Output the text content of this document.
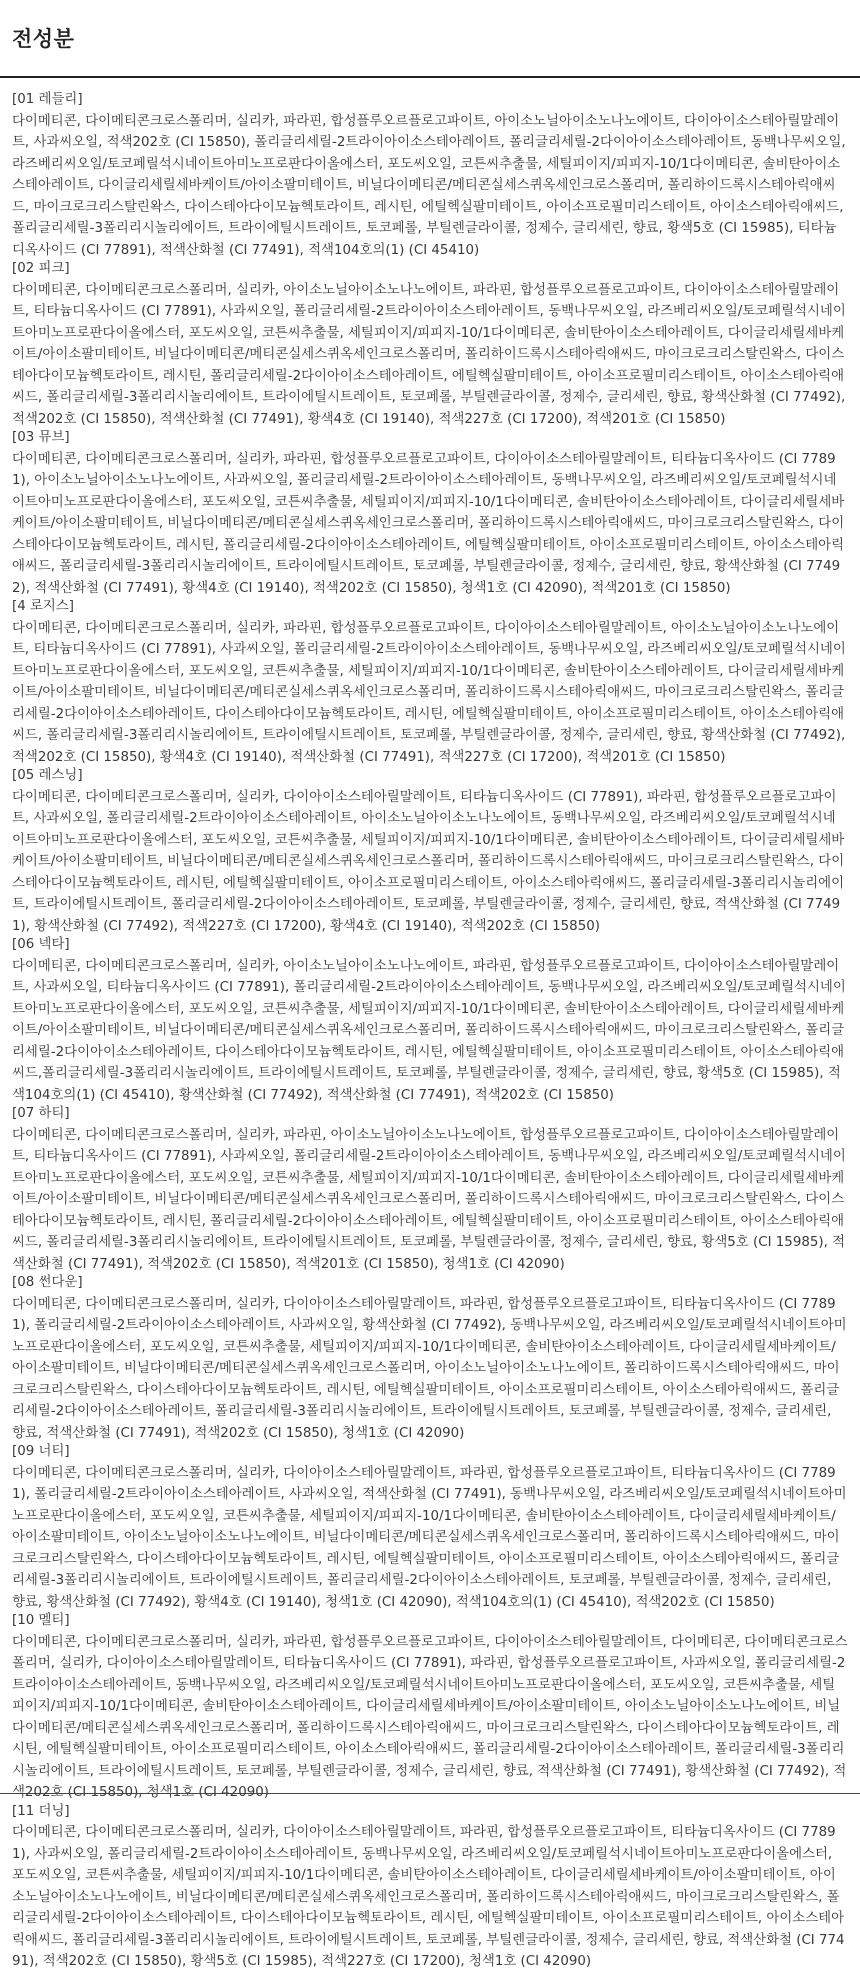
전성분
[01 레들리]
다이메티콘, 다이메티콘크로스폴리머, 실리카, 파라핀, 합성플루오르플로고파이트, 아이소노닐아이소노나노에이트, 다이아이소스테아릴말레이트, 사과씨오일, 적색202호 (CI 15850), 폴리글리세릴-2트라이아이소스테아레이트, 폴리글리세릴-2다이아이소스테아레이트, 동백나무씨오일, 라즈베리씨오일/토코페릴석시네이트아미노프로판다이올에스터, 포도씨오일, 코튼씨추출물, 세틸피이지/피피지-10/1다이메티콘, 솔비탄아이소스테아레이트, 다이글리세릴세바케이트/아이소팔미테이트, 비닐다이메티콘/메티콘실세스퀴옥세인크로스폴리머, 폴리하이드록시스테아릭애씨드, 마이크로크리스탈린왁스, 다이스테아다이모늄헥토라이트, 레시틴, 에틸헥실팔미테이트, 아이소프로필미리스테이트, 아이소스테아릭애씨드, 폴리글리세릴-3폴리리시놀리에이트, 트라이에틸시트레이트, 토코페롤, 부틸렌글라이콜, 정제수, 글리세린, 향료, 황색5호 (CI 15985), 티타늄디옥사이드 (CI 77891), 적색산화철 (CI 77491), 적색104호의(1) (CI 45410)
[02 피크]
다이메티콘, 다이메티콘크로스폴리머, 실리카, 아이소노닐아이소노나노에이트, 파라핀, 합성플루오르플로고파이트, 다이아이소스테아릴말레이트, 티타늄디옥사이드 (CI 77891), 사과씨오일, 폴리글리세릴-2트라이아이소스테아레이트, 동백나무씨오일, 라즈베리씨오일/토코페릴석시네이트아미노프로판다이올에스터, 포도씨오일, 코튼씨추출물, 세틸피이지/피피지-10/1다이메티콘, 솔비탄아이소스테아레이트, 다이글리세릴세바케이트/아이소팔미테이트, 비닐다이메티콘/메티콘실세스퀴옥세인크로스폴리머, 폴리하이드록시스테아릭애씨드, 마이크로크리스탈린왁스, 다이스테아다이모늄헥토라이트, 레시틴, 폴리글리세릴-2다이아이소스테아레이트, 에틸헥실팔미테이트, 아이소프로필미리스테이트, 아이소스테아릭애씨드, 폴리글리세릴-3폴리리시놀리에이트, 트라이에틸시트레이트, 토코페롤, 부틸렌글라이콜, 정제수, 글리세린, 향료, 황색산화철 (CI 77492), 적색202호 (CI 15850), 적색산화철 (CI 77491), 황색4호 (CI 19140), 적색227호 (CI 17200), 적색201호 (CI 15850)
[03 뮤브]
다이메티콘, 다이메티콘크로스폴리머, 실리카, 파라핀, 합성플루오르플로고파이트, 다이아이소스테아릴말레이트, 티타늄디옥사이드 (CI 77891), 아이소노닐아이소노나노에이트, 사과씨오일, 폴리글리세릴-2트라이아이소스테아레이트, 동백나무씨오일, 라즈베리씨오일/토코페릴석시네이트아미노프로판다이올에스터, 포도씨오일, 코튼씨추출물, 세틸피이지/피피지-10/1다이메티콘, 솔비탄아이소스테아레이트, 다이글리세릴세바케이트/아이소팔미테이트, 비닐다이메티콘/메티콘실세스퀴옥세인크로스폴리머, 폴리하이드록시스테아릭애씨드, 마이크로크리스탈린왁스, 다이스테아다이모늄헥토라이트, 레시틴, 폴리글리세릴-2다이아이소스테아레이트, 에틸헥실팔미테이트, 아이소프로필미리스테이트, 아이소스테아릭애씨드, 폴리글리세릴-3폴리리시놀리에이트, 트라이에틸시트레이트, 토코페롤, 부틸렌글라이콜, 정제수, 글리세린, 향료, 황색산화철 (CI 77492), 적색산화철 (CI 77491), 황색4호 (CI 19140), 적색202호 (CI 15850), 청색1호 (CI 42090), 적색201호 (CI 15850)
[4 로지스]
다이메티콘, 다이메티콘크로스폴리머, 실리카, 파라핀, 합성플루오르플로고파이트, 다이아이소스테아릴말레이트, 아이소노닐아이소노나노에이트, 티타늄디옥사이드 (CI 77891), 사과씨오일, 폴리글리세릴-2트라이아이소스테아레이트, 동백나무씨오일, 라즈베리씨오일/토코페릴석시네이트아미노프로판다이올에스터, 포도씨오일, 코튼씨추출물, 세틸피이지/피피지-10/1다이메티콘, 솔비탄아이소스테아레이트, 다이글리세릴세바케이트/아이소팔미테이트, 비닐다이메티콘/메티콘실세스퀴옥세인크로스폴리머, 폴리하이드록시스테아릭애씨드, 마이크로크리스탈린왁스, 폴리글리세릴-2다이아이소스테아레이트, 다이스테아다이모늄헥토라이트, 레시틴, 에틸헥실팔미테이트, 아이소프로필미리스테이트, 아이소스테아릭애씨드, 폴리글리세릴-3폴리리시놀리에이트, 트라이에틸시트레이트, 토코페롤, 부틸렌글라이콜, 정제수, 글리세린, 향료, 황색산화철 (CI 77492), 적색202호 (CI 15850), 황색4호 (CI 19140), 적색산화철 (CI 77491), 적색227호 (CI 17200), 적색201호 (CI 15850)
[05 레스닝]
다이메티콘, 다이메티콘크로스폴리머, 실리카, 다이아이소스테아릴말레이트, 티타늄디옥사이드 (CI 77891), 파라핀, 합성플루오르플로고파이트, 사과씨오일, 폴리글리세릴-2트라이아이소스테아레이트, 아이소노닐아이소노나노에이트, 동백나무씨오일, 라즈베리씨오일/토코페릴석시네이트아미노프로판다이올에스터, 포도씨오일, 코튼씨추출물, 세틸피이지/피피지-10/1다이메티콘, 솔비탄아이소스테아레이트, 다이글리세릴세바케이트/아이소팔미테이트, 비닐다이메티콘/메티콘실세스퀴옥세인크로스폴리머, 폴리하이드록시스테아릭애씨드, 마이크로크리스탈린왁스, 다이스테아다이모늄헥토라이트, 레시틴, 에틸헥실팔미테이트, 아이소프로필미리스테이트, 아이소스테아릭애씨드, 폴리글리세릴-3폴리리시놀리에이트, 트라이에틸시트레이트, 폴리글리세릴-2다이아이소스테아레이트, 토코페롤, 부틸렌글라이콜, 정제수, 글리세린, 향료, 적색산화철 (CI 77491), 황색산화철 (CI 77492), 적색227호 (CI 17200), 황색4호 (CI 19140), 적색202호 (CI 15850)
[06 넥타]
다이메티콘, 다이메티콘크로스폴리머, 실리카, 아이소노닐아이소노나노에이트, 파라핀, 합성플루오르플로고파이트, 다이아이소스테아릴말레이트, 사과씨오일, 티타늄디옥사이드 (CI 77891), 폴리글리세릴-2트라이아이소스테아레이트, 동백나무씨오일, 라즈베리씨오일/토코페릴석시네이트아미노프로판다이올에스터, 포도씨오일, 코튼씨추출물, 세틸피이지/피피지-10/1다이메티콘, 솔비탄아이소스테아레이트, 다이글리세릴세바케이트/아이소팔미테이트, 비닐다이메티콘/메티콘실세스퀴옥세인크로스폴리머, 폴리하이드록시스테아릭애씨드, 마이크로크리스탈린왁스, 폴리글리세릴-2다이아이소스테아레이트, 다이스테아다이모늄헥토라이트, 레시틴, 에틸헥실팔미테이트, 아이소프로필미리스테이트, 아이소스테아릭애씨드,폴리글리세릴-3폴리리시놀리에이트, 트라이에틸시트레이트, 토코페롤, 부틸렌글라이콜, 정제수, 글리세린, 향료, 황색5호 (CI 15985), 적색104호의(1) (CI 45410), 황색산화철 (CI 77492), 적색산화철 (CI 77491), 적색202호 (CI 15850)
[07 하티]
다이메티콘, 다이메티콘크로스폴리머, 실리카, 파라핀, 아이소노닐아이소노나노에이트, 합성플루오르플로고파이트, 다이아이소스테아릴말레이트, 티타늄디옥사이드 (CI 77891), 사과씨오일, 폴리글리세릴-2트라이아이소스테아레이트, 동백나무씨오일, 라즈베리씨오일/토코페릴석시네이트아미노프로판다이올에스터, 포도씨오일, 코튼씨추출물, 세틸피이지/피피지-10/1다이메티콘, 솔비탄아이소스테아레이트, 다이글리세릴세바케이트/아이소팔미테이트, 비닐다이메티콘/메티콘실세스퀴옥세인크로스폴리머, 폴리하이드록시스테아릭애씨드, 마이크로크리스탈린왁스, 다이스테아다이모늄헥토라이트, 레시틴, 폴리글리세릴-2다이아이소스테아레이트, 에틸헥실팔미테이트, 아이소프로필미리스테이트, 아이소스테아릭애씨드, 폴리글리세릴-3폴리리시놀리에이트, 트라이에틸시트레이트, 토코페롤, 부틸렌글라이콜, 정제수, 글리세린, 향료, 황색5호 (CI 15985), 적색산화철 (CI 77491), 적색202호 (CI 15850), 적색201호 (CI 15850), 청색1호 (CI 42090)
[08 썬다운]
다이메티콘, 다이메티콘크로스폴리머, 실리카, 다이아이소스테아릴말레이트, 파라핀, 합성플루오르플로고파이트, 티타늄디옥사이드 (CI 77891), 폴리글리세릴-2트라이아이소스테아레이트, 사과씨오일, 황색산화철 (CI 77492), 동백나무씨오일, 라즈베리씨오일/토코페릴석시네이트아미노프로판다이올에스터, 포도씨오일, 코튼씨추출물, 세틸피이지/피피지-10/1다이메티콘, 솔비탄아이소스테아레이트, 다이글리세릴세바케이트/아이소팔미테이트, 비닐다이메티콘/메티콘실세스퀴옥세인크로스폴리머, 아이소노닐아이소노나노에이트, 폴리하이드록시스테아릭애씨드, 마이크로크리스탈린왁스, 다이스테아다이모늄헥토라이트, 레시틴, 에틸헥실팔미테이트, 아이소프로필미리스테이트, 아이소스테아릭애씨드, 폴리글리세릴-2다이아이소스테아레이트, 폴리글리세릴-3폴리리시놀리에이트, 트라이에틸시트레이트, 토코페롤, 부틸렌글라이콜, 정제수, 글리세린, 향료, 적색산화철 (CI 77491), 적색202호 (CI 15850), 청색1호 (CI 42090)
[09 너티]
다이메티콘, 다이메티콘크로스폴리머, 실리카, 다이아이소스테아릴말레이트, 파라핀, 합성플루오르플로고파이트, 티타늄디옥사이드 (CI 77891), 폴리글리세릴-2트라이아이소스테아레이트, 사과씨오일, 적색산화철 (CI 77491), 동백나무씨오일, 라즈베리씨오일/토코페릴석시네이트아미노프로판다이올에스터, 포도씨오일, 코튼씨추출물, 세틸피이지/피피지-10/1다이메티콘, 솔비탄아이소스테아레이트, 다이글리세릴세바케이트/아이소팔미테이트, 아이소노닐아이소노나노에이트, 비닐다이메티콘/메티콘실세스퀴옥세인크로스폴리머, 폴리하이드록시스테아릭애씨드, 마이크로크리스탈린왁스, 다이스테아다이모늄헥토라이트, 레시틴, 에틸헥실팔미테이트, 아이소프로필미리스테이트, 아이소스테아릭애씨드, 폴리글리세릴-3폴리리시놀리에이트, 트라이에틸시트레이트, 폴리글리세릴-2다이아이소스테아레이트, 토코페롤, 부틸렌글라이콜, 정제수, 글리세린, 향료, 황색산화철 (CI 77492), 황색4호 (CI 19140), 청색1호 (CI 42090), 적색104호의(1) (CI 45410), 적색202호 (CI 15850)
[10 멜티]
다이메티콘, 다이메티콘크로스폴리머, 실리카, 파라핀, 합성플루오르플로고파이트, 다이아이소스테아릴말레이트, 다이메티콘, 다이메티콘크로스폴리머, 실리카, 다이아이소스테아릴말레이트, 티타늄디옥사이드 (CI 77891), 파라핀, 합성플루오르플로고파이트, 사과씨오일, 폴리글리세릴-2트라이아이소스테아레이트, 동백나무씨오일, 라즈베리씨오일/토코페릴석시네이트아미노프로판다이올에스터, 포도씨오일, 코튼씨추출물, 세틸피이지/피피지-10/1다이메티콘, 솔비탄아이소스테아레이트, 다이글리세릴세바케이트/아이소팔미테이트, 아이소노닐아이소노나노에이트, 비닐다이메티콘/메티콘실세스퀴옥세인크로스폴리머, 폴리하이드록시스테아릭애씨드, 마이크로크리스탈린왁스, 다이스테아다이모늄헥토라이트, 레시틴, 에틸헥실팔미테이트, 아이소프로필미리스테이트, 아이소스테아릭애씨드, 폴리글리세릴-2다이아이소스테아레이트, 폴리글리세릴-3폴리리시놀리에이트, 트라이에틸시트레이트, 토코페롤, 부틸렌글라이콜, 정제수, 글리세린, 향료, 적색산화철 (CI 77491), 황색산화철 (CI 77492), 적색202호 (CI 15850), 청색1호 (CI 42090)
[11 더닝]
다이메티콘, 다이메티콘크로스폴리머, 실리카, 다이아이소스테아릴말레이트, 파라핀, 합성플루오르플로고파이트, 티타늄디옥사이드 (CI 77891), 사과씨오일, 폴리글리세릴-2트라이아이소스테아레이트, 동백나무씨오일, 라즈베리씨오일/토코페릴석시네이트아미노프로판다이올에스터, 포도씨오일, 코튼씨추출물, 세틸피이지/피피지-10/1다이메티콘, 솔비탄아이소스테아레이트, 다이글리세릴세바케이트/아이소팔미테이트, 아이소노닐아이소노나노에이트, 비닐다이메티콘/메티콘실세스퀴옥세인크로스폴리머, 폴리하이드록시스테아릭애씨드, 마이크로크리스탈린왁스, 폴리글리세릴-2다이아이소스테아레이트, 다이스테아다이모늄헥토라이트, 레시틴, 에틸헥실팔미테이트, 아이소프로필미리스테이트, 아이소스테아릭애씨드, 폴리글리세릴-3폴리리시놀리에이트, 트라이에틸시트레이트, 토코페롤, 부틸렌글라이콜, 정제수, 글리세린, 향료, 적색산화철 (CI 77491), 적색202호 (CI 15850), 황색5호 (CI 15985), 적색227호 (CI 17200), 청색1호 (CI 42090)
